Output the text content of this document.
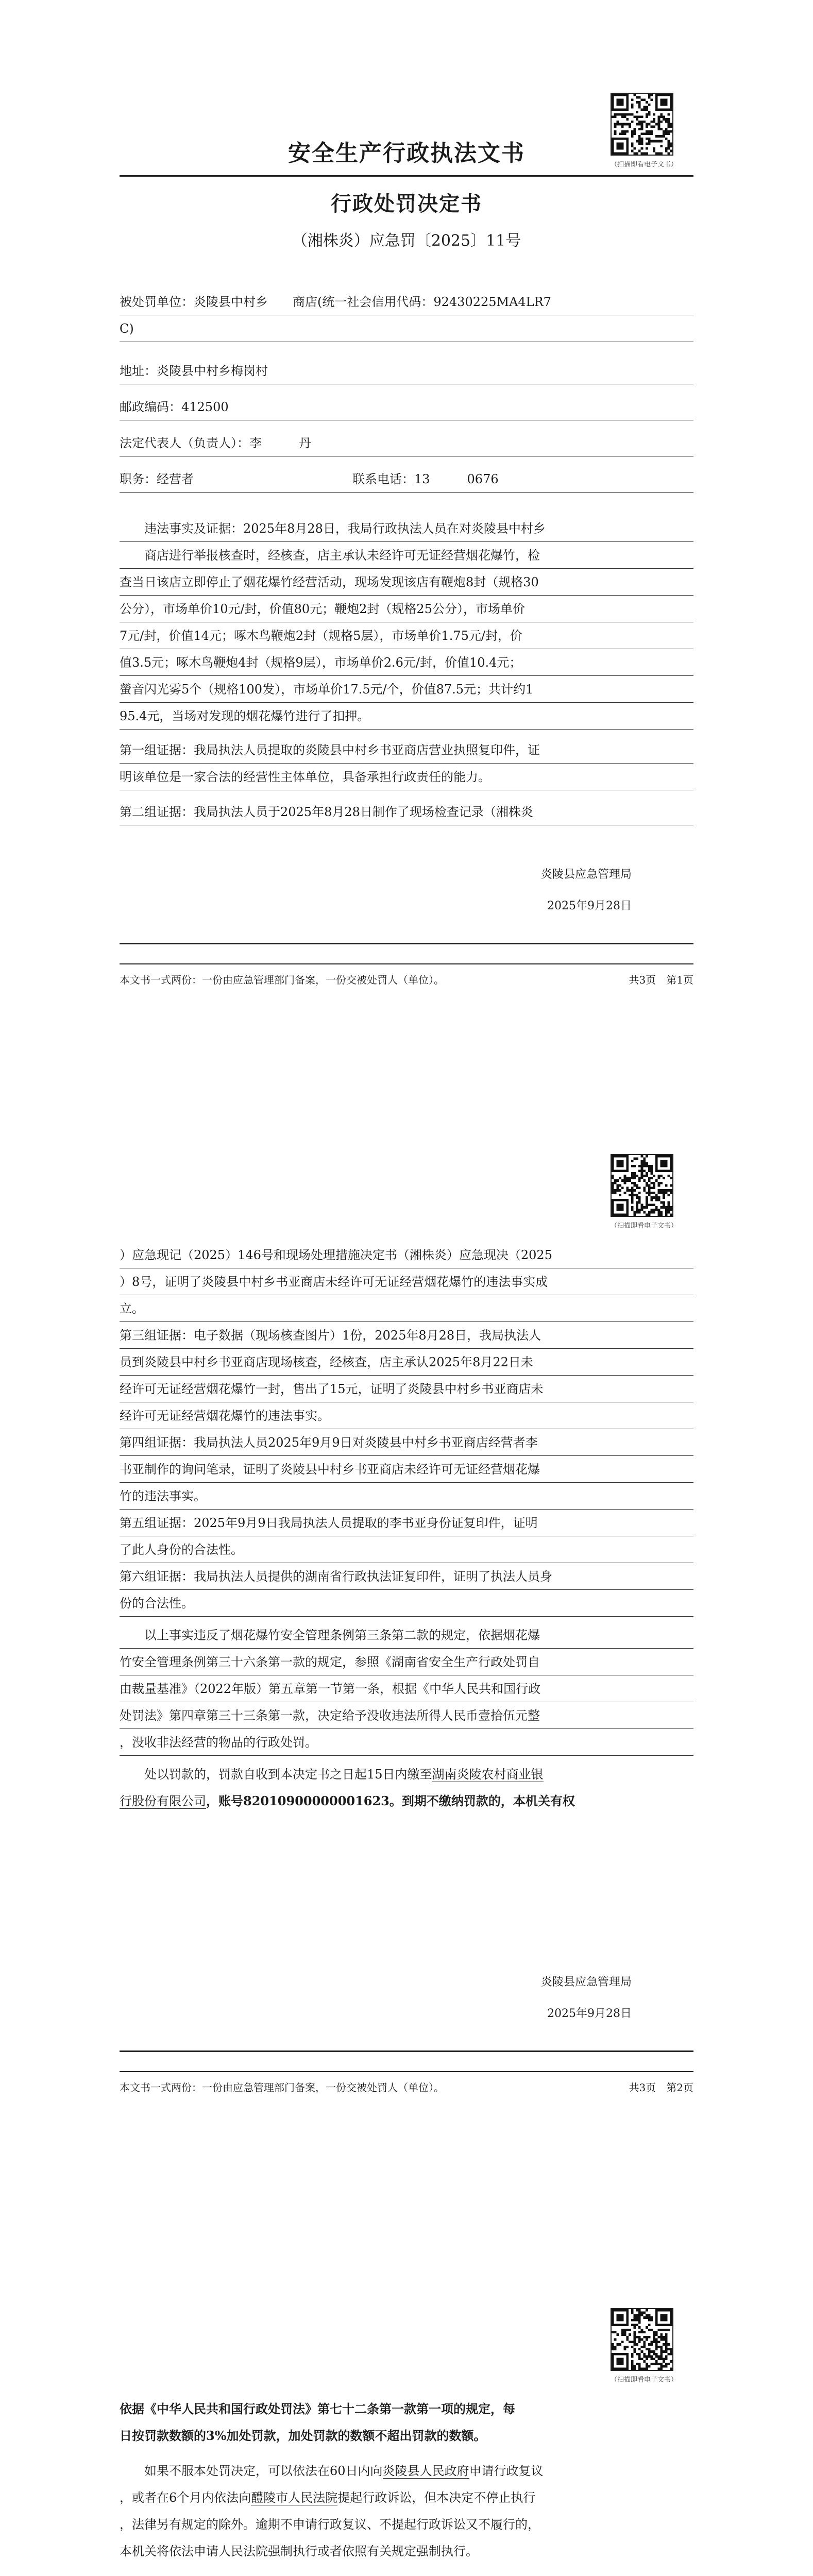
（扫描即看电子文书）
安全生产行政执法文书
行政处罚决定书
（湘株炎）应急罚〔2025〕11号
被处罚单位：炎陵县中村乡　　商店(统一社会信用代码：92430225MA4LR7
C)
地址：炎陵县中村乡梅岗村
邮政编码：412500
法定代表人（负责人）：李　　　丹
职务：经营者	联系电话：13　　　0676
　　违法事实及证据：2025年8月28日，我局行政执法人员在对炎陵县中村乡
　　商店进行举报核查时，经核查，店主承认未经许可无证经营烟花爆竹，检
查当日该店立即停止了烟花爆竹经营活动，现场发现该店有鞭炮8封（规格30
公分），市场单价10元/封，价值80元；鞭炮2封（规格25公分），市场单价
7元/封，价值14元；啄木鸟鞭炮2封（规格5层），市场单价1.75元/封，价
值3.5元；啄木鸟鞭炮4封（规格9层），市场单价2.6元/封，价值10.4元；
螢音闪光雾5个（规格100发），市场单价17.5元/个，价值87.5元；共计约1
95.4元，当场对发现的烟花爆竹进行了扣押。
第一组证据：我局执法人员提取的炎陵县中村乡书亚商店营业执照复印件，证
明该单位是一家合法的经营性主体单位，具备承担行政责任的能力。
第二组证据：我局执法人员于2025年8月28日制作了现场检查记录（湘株炎
炎陵县应急管理局
2025年9月28日
本文书一式两份：一份由应急管理部门备案，一份交被处罚人（单位）。	共3页　第1页
（扫描即看电子文书）
）应急现记（2025）146号和现场处理措施决定书（湘株炎）应急现决（2025
）8号，证明了炎陵县中村乡书亚商店未经许可无证经营烟花爆竹的违法事实成
立。
第三组证据：电子数据（现场核查图片）1份，2025年8月28日，我局执法人
员到炎陵县中村乡书亚商店现场核查，经核查，店主承认2025年8月22日未
经许可无证经营烟花爆竹一封，售出了15元，证明了炎陵县中村乡书亚商店未
经许可无证经营烟花爆竹的违法事实。
第四组证据：我局执法人员2025年9月9日对炎陵县中村乡书亚商店经营者李
书亚制作的询问笔录，证明了炎陵县中村乡书亚商店未经许可无证经营烟花爆
竹的违法事实。
第五组证据：2025年9月9日我局执法人员提取的李书亚身份证复印件，证明
了此人身份的合法性。
第六组证据：我局执法人员提供的湖南省行政执法证复印件，证明了执法人员身
份的合法性。
　　以上事实违反了烟花爆竹安全管理条例第三条第二款的规定，依据烟花爆
竹安全管理条例第三十六条第一款的规定，参照《湖南省安全生产行政处罚自
由裁量基准》（2022年版）第五章第一节第一条，根据《中华人民共和国行政
处罚法》第四章第三十三条第一款，决定给予没收违法所得人民币壹拾伍元整
，没收非法经营的物品的行政处罚。
　　处以罚款的，罚款自收到本决定书之日起15日内缴至湖南炎陵农村商业银
行股份有限公司，账号82010900000001623。到期不缴纳罚款的，本机关有权
炎陵县应急管理局
2025年9月28日
本文书一式两份：一份由应急管理部门备案，一份交被处罚人（单位）。	共3页　第2页
（扫描即看电子文书）
依据《中华人民共和国行政处罚法》第七十二条第一款第一项的规定，每
日按罚款数额的3%加处罚款，加处罚款的数额不超出罚款的数额。
　　如果不服本处罚决定，可以依法在60日内向炎陵县人民政府申请行政复议
，或者在6个月内依法向醴陵市人民法院提起行政诉讼，但本决定不停止执行
，法律另有规定的除外。逾期不申请行政复议、不提起行政诉讼又不履行的，
本机关将依法申请人民法院强制执行或者依照有关规定强制执行。
